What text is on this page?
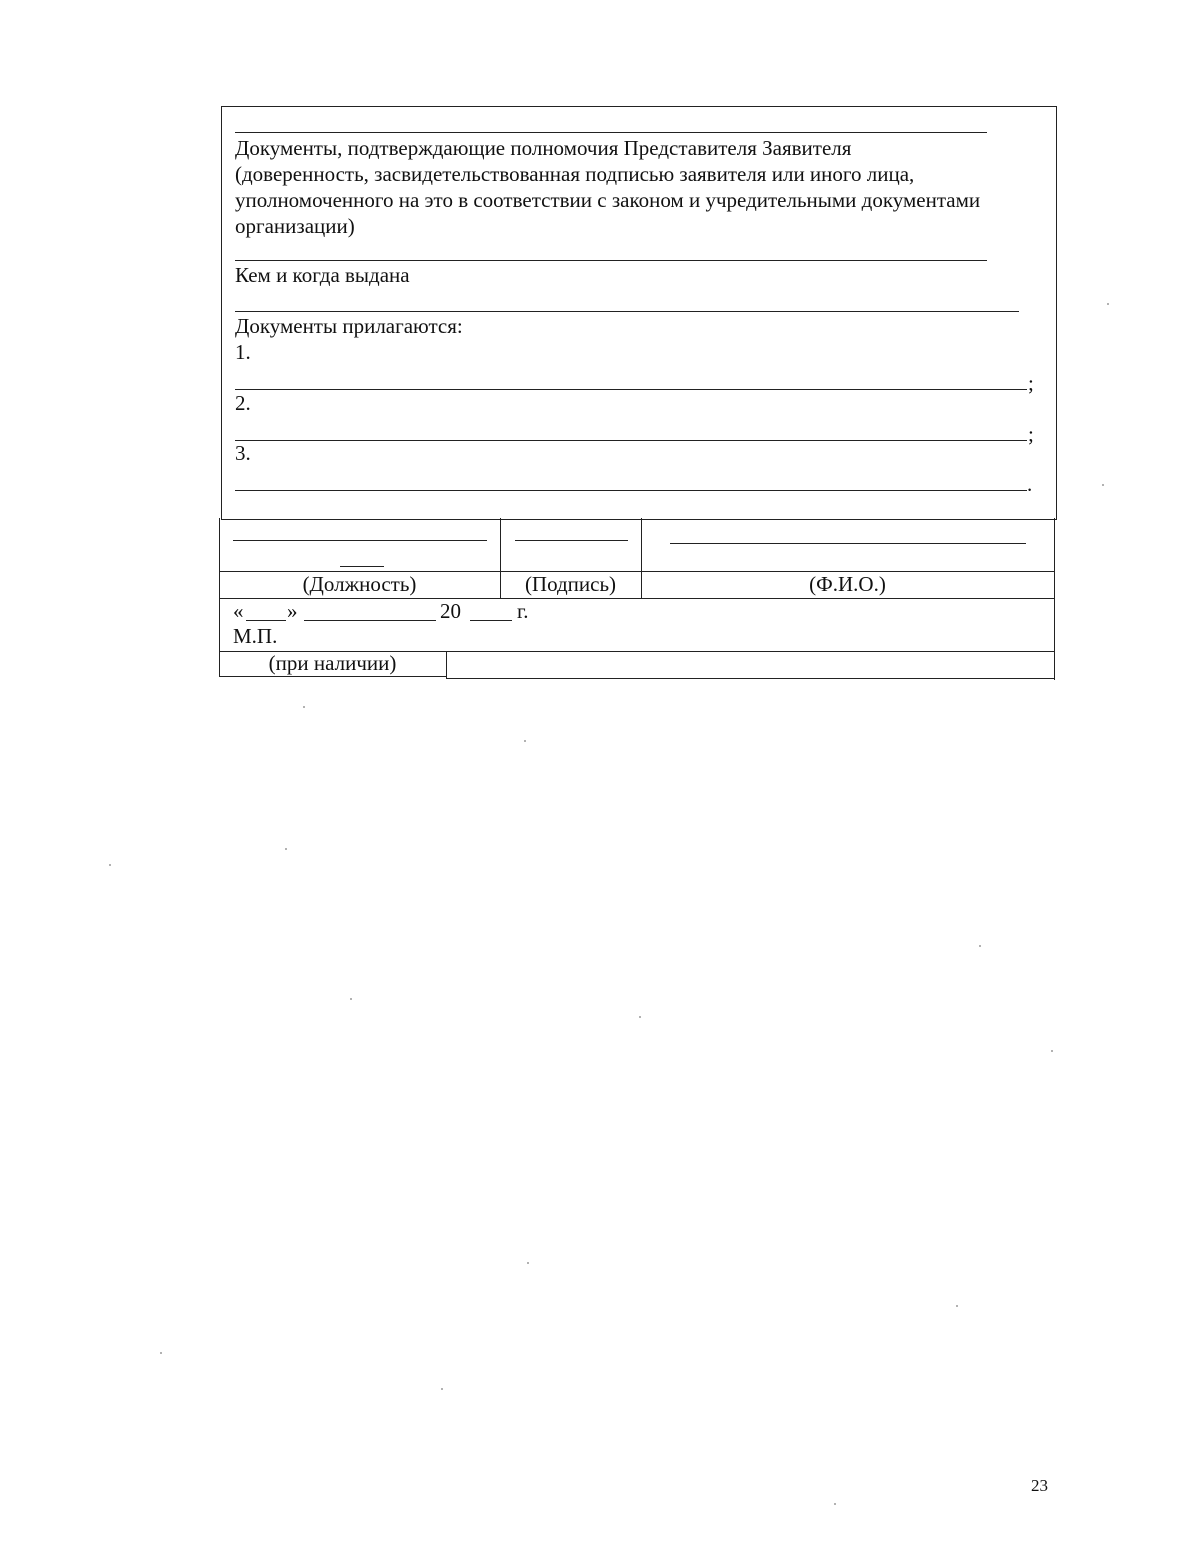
Документы, подтверждающие полномочия Представителя Заявителя
(доверенность, засвидетельствованная подписью заявителя или иного лица,
уполномоченного на это в соответствии с законом и учредительными документами
организации)
Кем и когда выдана
Документы прилагаются:
1.
;
2.
;
3.
.
(Должность)	(Подпись)	(Ф.И.О.)
« »	20	г.
М.П.
(при наличии)
23
